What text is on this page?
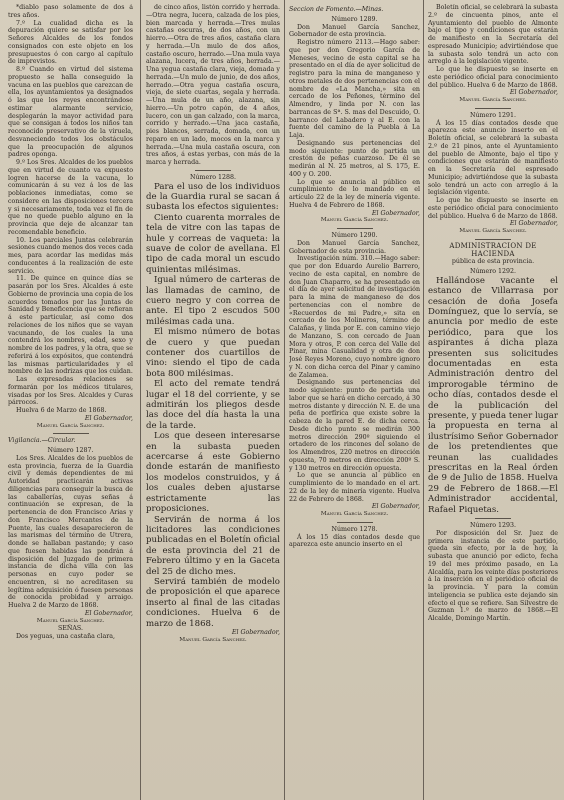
*diablo paso solamente de dos á tres años.

7.º La cualidad dicha es la depuración quiere se satisfar por los Señores Alcaldes de los fondos consignados con este objeto en los presupuestos ó con cargo al capítulo de imprevistos.

8.º Cuando en virtud del sistema propuesto se halla conseguido la vacuna en las pueblos que carezcan de ella, los ayuntamientos ya designados ó las que los reyes encontrándose estimar alarmante servicio, desplegarán la mayor actividad para que se consigan á todos los niños tan reconocido preservativo de la viruela, desvaneciendo todos los obstáculos que la preocupación de algunos padres oponga.

9.º Los Sres. Alcaldes de los pueblos que en virtud de cuanto va expuesto logren hacerse de la vacuna, lo comunicarán á su vez á los de las poblaciones inmediatas, como se considere en las disposiciones tercera y si necesariamente, toda vez el fin de que no quede pueblo alguno en la provincia que deje de alcanzar tan recomendable beneficio.

10. Los parciales Juntas celebrarán sesiones cuando menos dos veces cada mes, para acordar las medidas más conducentes á la realización de este servicio.

11. De quince en quince días se pasarán por los Sres. Alcaldes á este Gobierno de provincia una copia de los acuerdos tomados por las Juntas de Sanidad y Beneficencia que se refieran á este particular, así como dos relaciones de los niños que se vayan vacunando, de los cuales la una contendrá los nombres, edad, sexo y nombre de los padres, y la otra, que se referirá á los expósitos, que contendrá las mismas particularidades y el nombre de las nodrizas que los cuidan.

Las expresadas relaciones se formarán por los médicos titulares, visadas por los Sres. Alcaldes y Curas párrocos.

Huelva 6 de Marzo de 1868.

El Gobernador,

Manuel García Sanchez.

Vigilancia.—Circular.

Número 1287.

Los Sres. Alcaldes de los pueblos de esta provincia, fuerza de la Guardia civil y demás dependientes de mi Autoridad practicarán activas diligencias para conseguir la busca de las caballerías, cuyas señas á continuación se expresan, de la pertenencia de don Francisco Arias y don Francisco Mercantes de la Puente, las cuales desaparecieron de las marismas del término de Utrera, donde se hallaban pastando; y caso que fuesen habidas las pondrán á disposición del Juzgado de primera instancia de dicha villa con las personas en cuyo poder se encuentren, si no acreditasen su legítima adquisición ó fuesen personas de conocida probidad y arraigo. Huelva 2 de Marzo de 1868.

El Gobernador,

Manuel García Sanchez.

SEÑAS.

Dos yeguas, una castaña clara,

de cinco años, listón corrido y herrada.—Otra negra, lucera, calzada de los pies, bien marcada y herrada.—Tres mulas castañas oscuras, de dos años, con un hierro.—Otra de tres años, castaña clara y herrada.—Un mulo de dos años, castaño oscuro, herrado.—Una mula vaya alazana, lucera, de tres años, herrada.—Una yegua castaña clara, vieja, domada y herrada.—Un mulo de junio, de dos años, herrado.—Otra yegua castaña oscura, vieja, de siete cuartas, segala y herrada.—Una mula de un año, alazana, sin hierro.—Un potro capón, de 4 años, lucero, con un gan calzado, con la marca, corrido y herrado.—Una jaca castaña, pies blancos, serrada, domada, con un reparo en un lado, mocos en la marca y herrada.—Una mula castaña oscura, con tres años, á estas yerbas, con más de la marca y herrada.

Número 1288.

Para el uso de los individuos de la Guardia rural se sacan á subasta los efectos siguientes:

Ciento cuarenta morrales de tela de vitre con las tapas de hule y correas de vaqueta: la suave de color de avellana. El tipo de cada moral un escudo quinientas milésimas.

Igual número de carteras de las llamadas de camino, de cuero negro y con correa de ante. El tipo 2 escudos 500 milésimas cada una.

El mismo número de botas de cuero y que puedan contener dos cuartillos de vino: siendo el tipo de cada bota 800 milésimas.

El acto del remate tendrá lugar el 18 del corriente, y se admitirán los pliegos desde las doce del día hasta la una de la tarde.

Los que deseen interesarse en la subasta pueden acercarse á este Gobierno donde estarán de manifiesto los modelos construidos, y á los cuales deben ajustarse estrictamente las proposiciones.

Servirán de norma á los licitadores las condiciones publicadas en el Boletín oficial de esta provincia del 21 de Febrero último y en la Gaceta del 25 de dicho mes.

Servirá también de modelo de proposición el que aparece inserto al final de las citadas condiciones. Huelva 6 de marzo de 1868.

El Gobernador,

Manuel García Sanchez.

Seccion de Fomento.—Minas.

Número 1289.

Don Manuel García Sanchez, Gobernador de esta provincia.

Registro número 2113.—Hago saber: que por don Gregorio García de Meneses, vecino de esta capital se ha presentado en el día de ayer solicitud de registro para la mina de manganeso y otros metales de dos pertenencias con el nombre de «La Mancha,» sita en cercado de los Peñones, término del Almendro, y linda por N. con las barrancas de Sª. S. mas del Descuido, O. barranco del Labadero y al E. con la fuente del camino de la Puebla á La Laja.

Designando sus pertenencias del modo siguiente: punto de partida un crestón de peñas cuarzoso. De él se medirán al N. 25 metros, al S. 175, E. 400 y O. 200.

Lo que se anuncia al público en cumplimiento de lo mandado en el artículo 22 de la ley de minería vigente. Huelva 4 de Febrero de 1868.

El Gobernador,

Manuel García Sanchez.

Número 1290.

Don Manuel García Sanchez, Gobernador de esta provincia.

Investigación núm. 310.—Hago saber: que por don Eduardo Aurelio Barrero, vecino de esta capital, en nombre de don Juan Chaparro, se ha presentado en el día de ayer solicitud de investigación para la mina de manganeso de dos pertenencias con el nombre de «Recuerdos de mi Padre,» sita en cercado de los Molineros, término de Calañas, y linda por E. con camino viejo de Manzano, S. con cercado de Juan Mora y otros, P. con cerca del Valle del Pinar, mina Casualidad y otra de don José Reyes Moreno, cuyo nombre ignoro y N. con dicha cerca del Pinar y camino de Zalamea.

Designando sus pertenencias del modo siguiente: punto de partida una labor que se hará en dicho cercado, á 30 metros distante y dirección N. E. de una peña de porfírica que existe sobre la cabeza de la pared E. de dicha cerca. Desde dicho punto se medirán 300 metros dirección 290º siguiendo el ortadero de los rincones del solano de los Almendros, 220 metros en dirección opuesta, 70 metros en dirección 200º S. y 130 metros en dirección opuesta.

Lo que se anuncia al público en cumplimiento de lo mandado en el art. 22 de la ley de minería vigente. Huelva 22 de Febrero de 1868.

El Gobernador,

Manuel García Sanchez.

Número 1278.

Á los 15 días contados desde que aparezca este anuncio inserto en el

Boletín oficial, se celebrará la subasta 2.º de cincuenta pinos, ante el Ayuntamiento del pueblo de Almonte bajo el tipo y condiciones que estarán de manifiesto en la Secretaría del espresado Municipio; advirtiéndose que la subasta solo tendrá un acto con arreglo á la legislación vigente.

Lo que he dispuesto se inserte en este periódico oficial para conocimiento del público. Huelva 6 de Marzo de 1868.

El Gobernador,

Manuel García Sanchez.

Número 1291.

Á los 15 días contados desde que aparezca este anuncio inserto en el Boletín oficial, se celebrará la subasta 2.º de 21 pinos, ante el Ayuntamiento del pueblo de Almonte, bajo el tipo y condiciones que estarán de manifiesto en la Secretaría del espresado Municipio; advirtiéndose que la subasta solo tendrá un acto con arreglo á la legislación vigente.

Lo que he dispuesto se inserte en este periódico oficial para conocimiento del público. Huelva 6 de Marzo de 1868.

El Gobernador,

Manuel García Sanchez.

ADMINISTRACION DE HACIENDA

pública de esta provincia.

Número 1292.

Hallándose vacante el estanco de Villarrasa por cesación de doña Josefa Domínguez, que lo servía, se anuncia por medio de este periódico, para que los aspirantes á dicha plaza presenten sus solicitudes documentadas en esta Administración dentro del improrogable término de ocho días, contados desde el de la publicación del presente, y pueda tener lugar la propuesta en terna al ilustrísimo Señor Gobernador de los pretendientes que reunan las cualidades prescritas en la Real órden de 9 de Julio de 1858. Huelva 29 de Febrero de 1868.—El Administrador accidental, Rafael Piquetas.

Número 1293.

Por disposición del Sr. Juez de primera instancia de este partido, queda sin efecto, por la de hoy, la subasta que anunció por edicto, fecha 19 del mes próximo pasado, en La Alcaldía, para los veinte días posteriores á la inserción en el periódico oficial de la provincia. Y para la común inteligencia se publica este dejando sin efecto el que se refiere. San Silvestre de Guzman 1.º de marzo de 1868.—El Alcalde, Domingo Martín.
